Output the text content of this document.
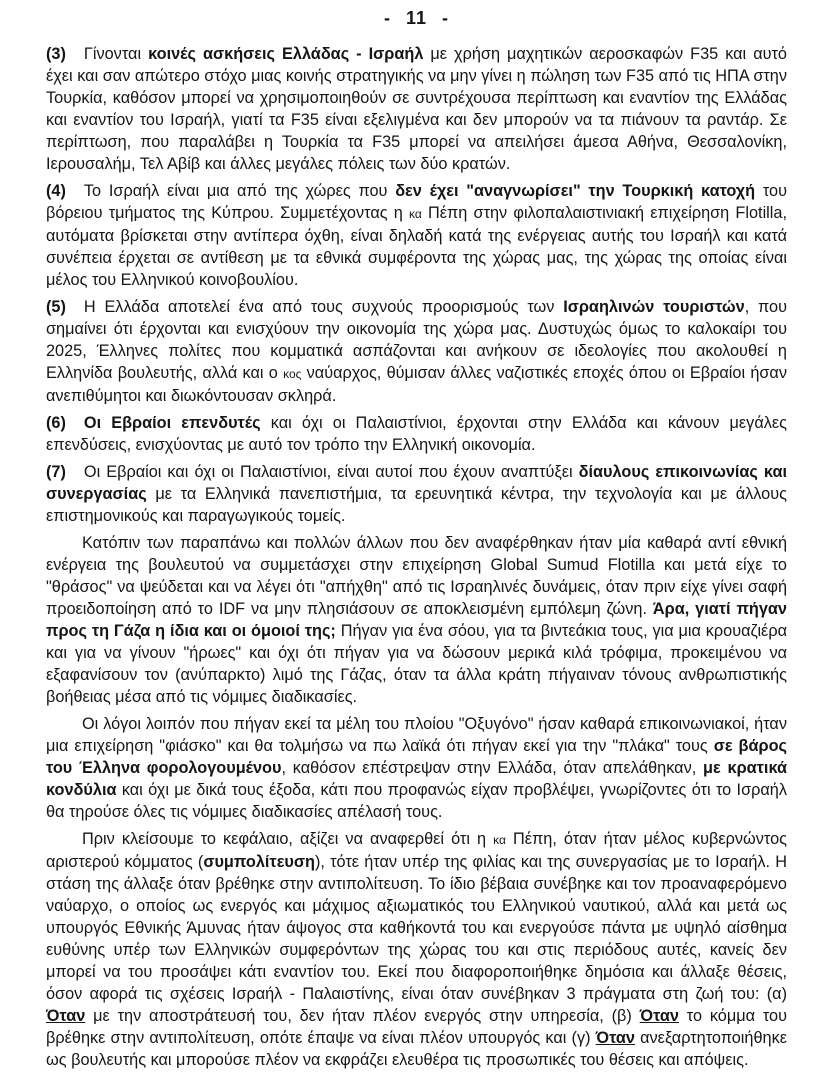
- 11 -

(3) Γίνονται κοινές ασκήσεις Ελλάδας - Ισραήλ με χρήση μαχητικών αεροσκαφών F35 και αυτό έχει και σαν απώτερο στόχο μιας κοινής στρατηγικής να μην γίνει η πώληση των F35 από τις ΗΠΑ στην Τουρκία, καθόσον μπορεί να χρησιμοποιηθούν σε συντρέχουσα περίπτωση και εναντίον της Ελλάδας και εναντίον του Ισραήλ, γιατί τα F35 είναι εξελιγμένα και δεν μπορούν να τα πιάνουν τα ραντάρ. Σε περίπτωση, που παραλάβει η Τουρκία τα F35 μπορεί να απειλήσει άμεσα Αθήνα, Θεσσαλονίκη, Ιερουσαλήμ, Τελ Αβίβ και άλλες μεγάλες πόλεις των δύο κρατών.

(4) Το Ισραήλ είναι μια από της χώρες που δεν έχει "αναγνωρίσει" την Τουρκική κατοχή του βόρειου τμήματος της Κύπρου. Συμμετέχοντας η κα Πέπη στην φιλοπαλαιστινιακή επιχείρηση Flotilla, αυτόματα βρίσκεται στην αντίπερα όχθη, είναι δηλαδή κατά της ενέργειας αυτής του Ισραήλ και κατά συνέπεια έρχεται σε αντίθεση με τα εθνικά συμφέροντα της χώρας μας, της χώρας της οποίας είναι μέλος του Ελληνικού κοινοβουλίου.

(5) Η Ελλάδα αποτελεί ένα από τους συχνούς προορισμούς των Ισραηλινών τουριστών, που σημαίνει ότι έρχονται και ενισχύουν την οικονομία της χώρα μας. Δυστυχώς όμως το καλοκαίρι του 2025, Έλληνες πολίτες που κομματικά ασπάζονται και ανήκουν σε ιδεολογίες που ακολουθεί η Ελληνίδα βουλευτής, αλλά και ο κος ναύαρχος, θύμισαν άλλες ναζιστικές εποχές όπου οι Εβραίοι ήσαν ανεπιθύμητοι και διωκόντουσαν σκληρά.

(6) Οι Εβραίοι επενδυτές και όχι οι Παλαιστίνιοι, έρχονται στην Ελλάδα και κάνουν μεγάλες επενδύσεις, ενισχύοντας με αυτό τον τρόπο την Ελληνική οικονομία.

(7) Οι Εβραίοι και όχι οι Παλαιστίνιοι, είναι αυτοί που έχουν αναπτύξει δίαυλους επικοινωνίας και συνεργασίας με τα Ελληνικά πανεπιστήμια, τα ερευνητικά κέντρα, την τεχνολογία και με άλλους επιστημονικούς και παραγωγικούς τομείς.

Κατόπιν των παραπάνω και πολλών άλλων που δεν αναφέρθηκαν ήταν μία καθαρά αντί εθνική ενέργεια της βουλευτού να συμμετάσχει στην επιχείρηση Global Sumud Flotilla και μετά είχε το "θράσος" να ψεύδεται και να λέγει ότι "απήχθη" από τις Ισραηλινές δυνάμεις, όταν πριν είχε γίνει σαφή προειδοποίηση από το IDF να μην πλησιάσουν σε αποκλεισμένη εμπόλεμη ζώνη. Άρα, γιατί πήγαν προς τη Γάζα η ίδια και οι όμοιοί της; Πήγαν για ένα σόου, για τα βιντεάκια τους, για μια κρουαζιέρα και για να γίνουν "ήρωες" και όχι ότι πήγαν για να δώσουν μερικά κιλά τρόφιμα, προκειμένου να εξαφανίσουν τον (ανύπαρκτο) λιμό της Γάζας, όταν τα άλλα κράτη πήγαιναν τόνους ανθρωπιστικής βοήθειας μέσα από τις νόμιμες διαδικασίες.

Οι λόγοι λοιπόν που πήγαν εκεί τα μέλη του πλοίου "Οξυγόνο" ήσαν καθαρά επικοινωνιακοί, ήταν μια επιχείρηση "φιάσκο" και θα τολμήσω να πω λαϊκά ότι πήγαν εκεί για την "πλάκα" τους σε βάρος του Έλληνα φορολογουμένου, καθόσον επέστρεψαν στην Ελλάδα, όταν απελάθηκαν, με κρατικά κονδύλια και όχι με δικά τους έξοδα, κάτι που προφανώς είχαν προβλέψει, γνωρίζοντες ότι το Ισραήλ θα τηρούσε όλες τις νόμιμες διαδικασίες απέλασή τους.

Πριν κλείσουμε το κεφάλαιο, αξίζει να αναφερθεί ότι η κα Πέπη, όταν ήταν μέλος κυβερνώντος αριστερού κόμματος (συμπολίτευση), τότε ήταν υπέρ της φιλίας και της συνεργασίας με το Ισραήλ. Η στάση της άλλαξε όταν βρέθηκε στην αντιπολίτευση. Το ίδιο βέβαια συνέβηκε και τον προαναφερόμενο ναύαρχο, ο οποίος ως ενεργός και μάχιμος αξιωματικός του Ελληνικού ναυτικού, αλλά και μετά ως υπουργός Εθνικής Άμυνας ήταν άψογος στα καθήκοντά του και ενεργούσε πάντα με υψηλό αίσθημα ευθύνης υπέρ των Ελληνικών συμφερόντων της χώρας του και στις περιόδους αυτές, κανείς δεν μπορεί να του προσάψει κάτι εναντίον του. Εκεί που διαφοροποιήθηκε δημόσια και άλλαξε θέσεις, όσον αφορά τις σχέσεις Ισραήλ - Παλαιστίνης, είναι όταν συνέβηκαν 3 πράγματα στη ζωή του: (α) Όταν με την αποστράτευσή του, δεν ήταν πλέον ενεργός στην υπηρεσία, (β) Όταν το κόμμα του βρέθηκε στην αντιπολίτευση, οπότε έπαψε να είναι πλέον υπουργός και (γ) Όταν ανεξαρτητοποιήθηκε ως βουλευτής και μπορούσε πλέον να εκφράζει ελευθέρα τις προσωπικές του θέσεις και απόψεις.
